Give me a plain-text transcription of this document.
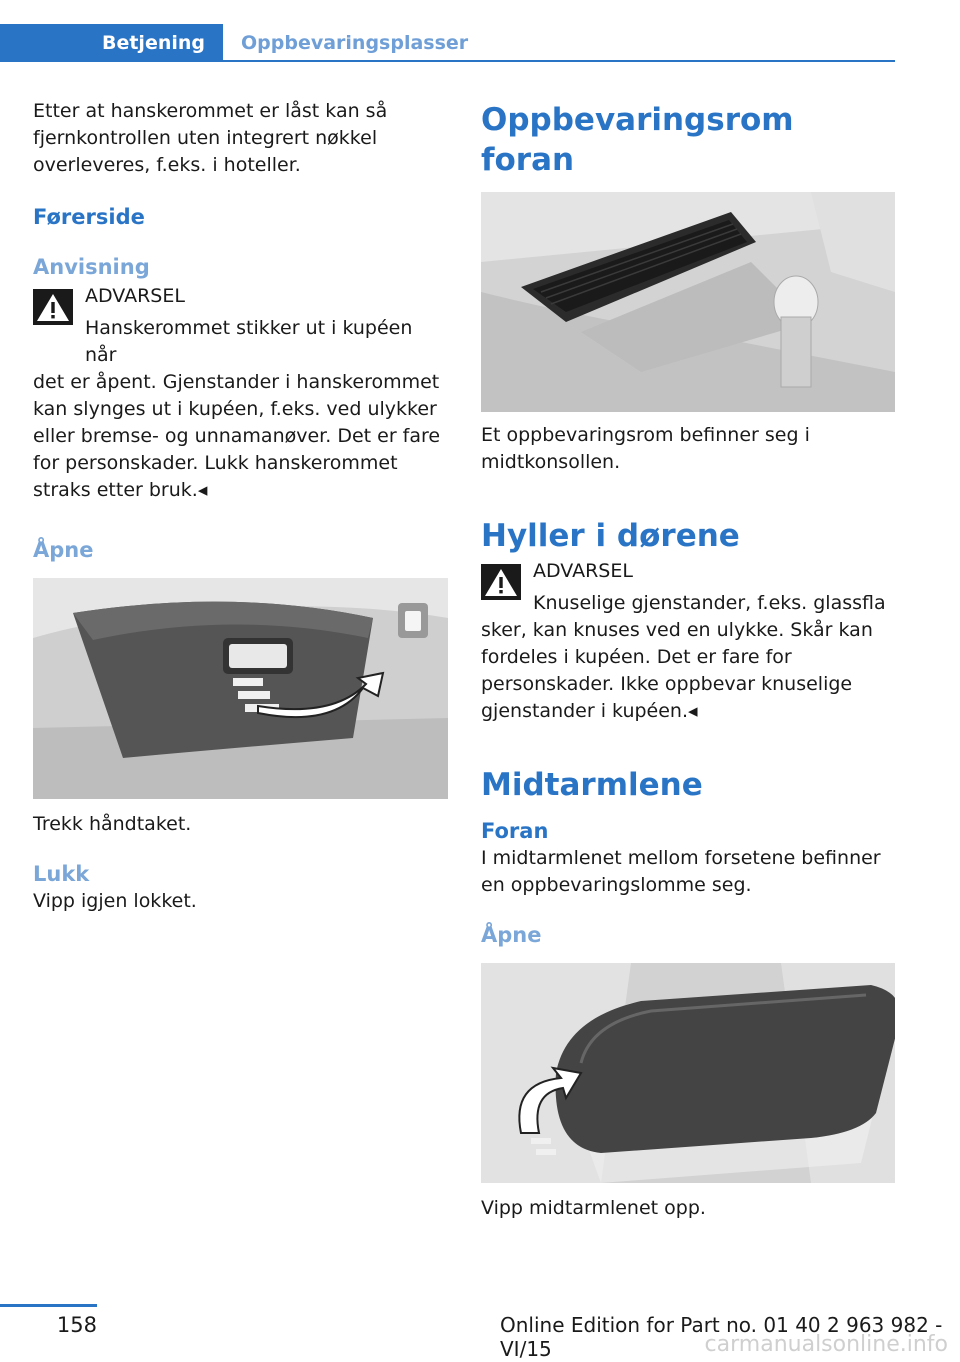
Betjening	Oppbevaringsplasser

Etter at hanskerommet er låst kan så fjernkontrollen uten integrert nøkkel overleveres, f.eks. i hoteller.

Førerside
Anvisning

ADVARSEL

Hanskerommet stikker ut i kupéen når

det er åpent. Gjenstander i hanskerommet kan slynges ut i kupéen, f.eks. ved ulykker eller bremse- og unnamanøver. Det er fare for personskader. Lukk hanskerommet straks etter bruk.◂

Åpne

Trekk håndtaket.

Lukk

Vipp igjen lokket.

Oppbevaringsrom foran

Et oppbevaringsrom befinner seg i midtkonsollen.

Hyller i dørene

ADVARSEL

Knuselige gjenstander, f.eks. glassfla

sker, kan knuses ved en ulykke. Skår kan fordeles i kupéen. Det er fare for personskader. Ikke oppbevar knuselige gjenstander i kupéen.◂

Midtarmlene
Foran

I midtarmlenet mellom forsetene befinner en oppbevaringslomme seg.

Åpne

Vipp midtarmlenet opp.

158	Online Edition for Part no. 01 40 2 963 982 - VI/15	carmanualsonline.info
